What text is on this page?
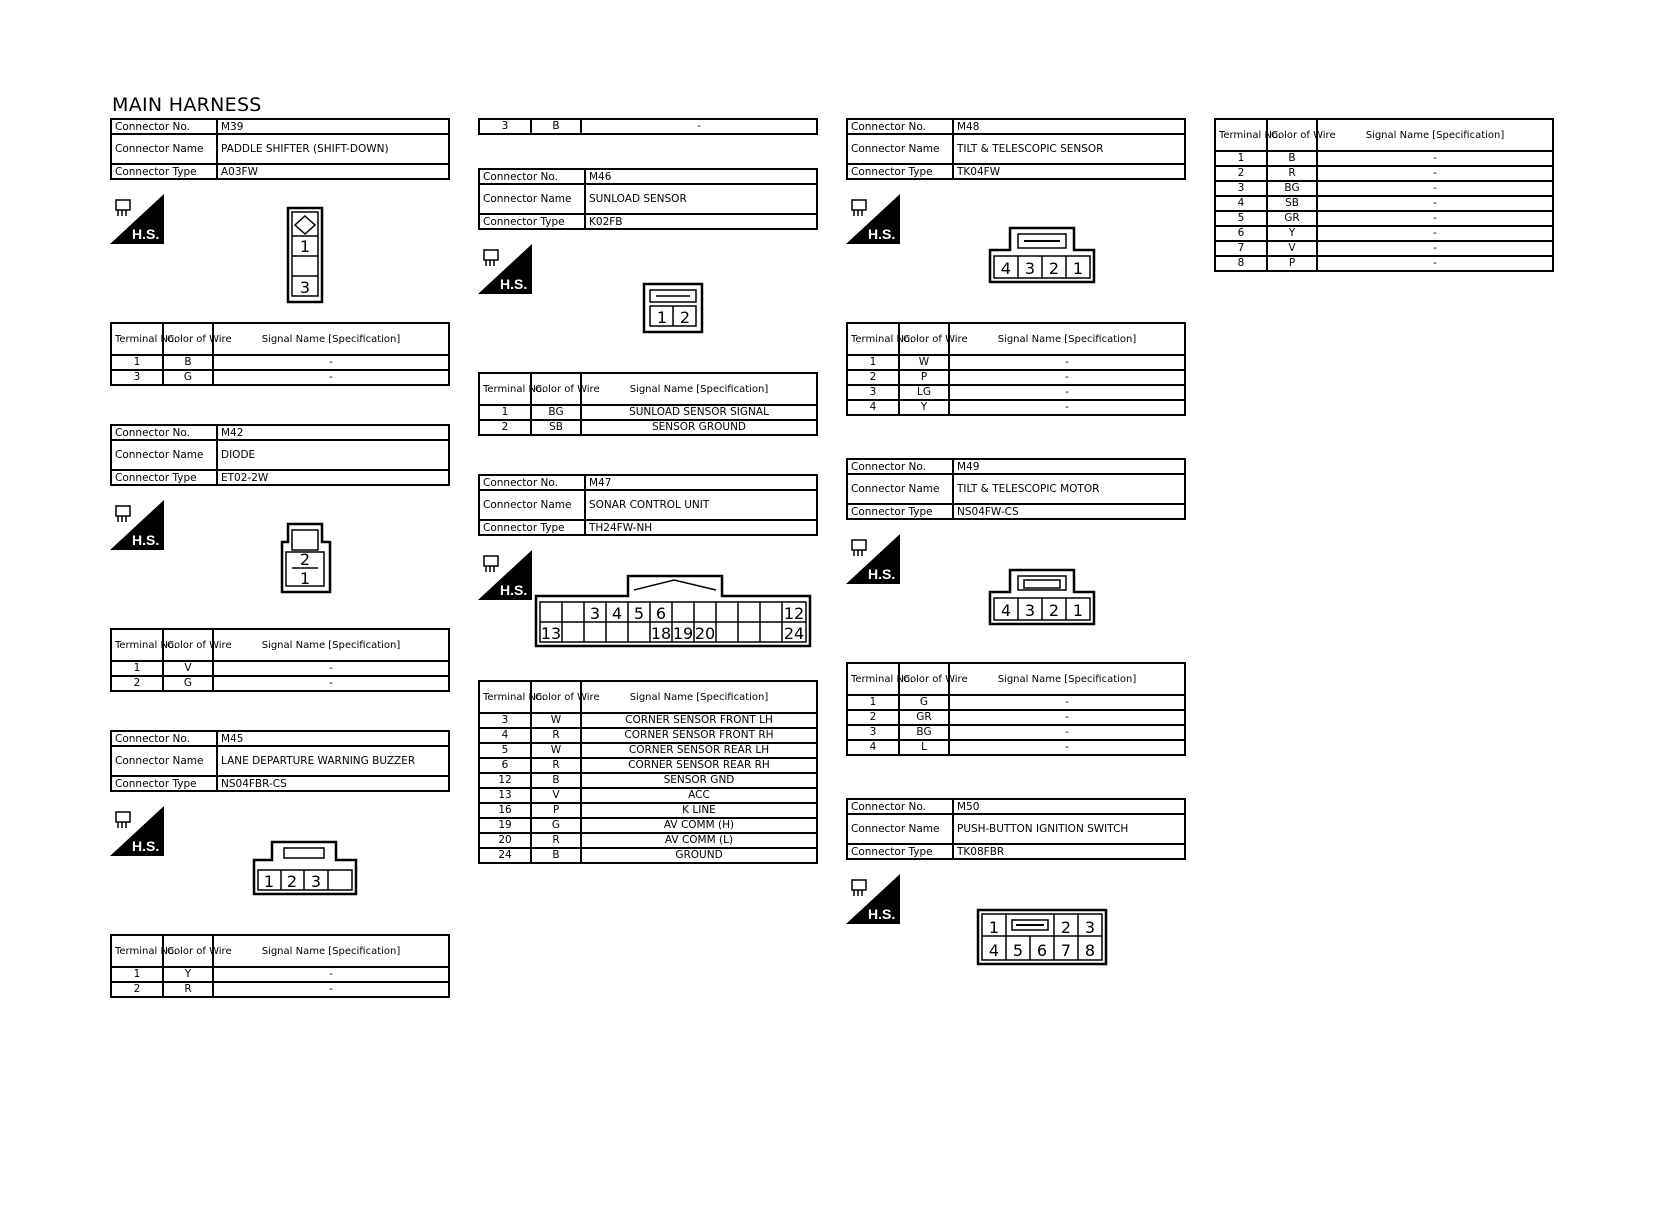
MAIN HARNESS
Connector No.	M39
Connector Name	PADDLE SHIFTER (SHIFT-DOWN)
Connector Type	A03FW
H.S.
1
3
Terminal No.	Color of Wire	Signal Name [Specification]
1	B	-
3	G	-
Connector No.	M42
Connector Name	DIODE
Connector Type	ET02-2W
H.S.
2
1
Terminal No.	Color of Wire	Signal Name [Specification]
1	V	-
2	G	-
Connector No.	M45
Connector Name	LANE DEPARTURE WARNING BUZZER
Connector Type	NS04FBR-CS
H.S.
1 2 3
Terminal No.	Color of Wire	Signal Name [Specification]
1	Y	-
2	R	-
3	B	-
Connector No.	M46
Connector Name	SUNLOAD SENSOR
Connector Type	K02FB
H.S.
1 2
Terminal No.	Color of Wire	Signal Name [Specification]
1	BG	SUNLOAD SENSOR SIGNAL
2	SB	SENSOR GROUND
Connector No.	M47
Connector Name	SONAR CONTROL UNIT
Connector Type	TH24FW-NH
H.S.
3 4 5 6	12
13	18 19 20	24
Terminal No.	Color of Wire	Signal Name [Specification]
3	W	CORNER SENSOR FRONT LH
4	R	CORNER SENSOR FRONT RH
5	W	CORNER SENSOR REAR LH
6	R	CORNER SENSOR REAR RH
12	B	SENSOR GND
13	V	ACC
16	P	K LINE
19	G	AV COMM (H)
20	R	AV COMM (L)
24	B	GROUND
Connector No.	M48
Connector Name	TILT & TELESCOPIC SENSOR
Connector Type	TK04FW
H.S.
4 3 2 1
Terminal No.	Color of Wire	Signal Name [Specification]
1	W	-
2	P	-
3	LG	-
4	Y	-
Connector No.	M49
Connector Name	TILT & TELESCOPIC MOTOR
Connector Type	NS04FW-CS
H.S.
4 3 2 1
Terminal No.	Color of Wire	Signal Name [Specification]
1	G	-
2	GR	-
3	BG	-
4	L	-
Connector No.	M50
Connector Name	PUSH-BUTTON IGNITION SWITCH
Connector Type	TK08FBR
H.S.
1	2 3
4 5 6 7 8
Terminal No.	Color of Wire	Signal Name [Specification]
1	B	-
2	R	-
3	BG	-
4	SB	-
5	GR	-
6	Y	-
7	V	-
8	P	-
